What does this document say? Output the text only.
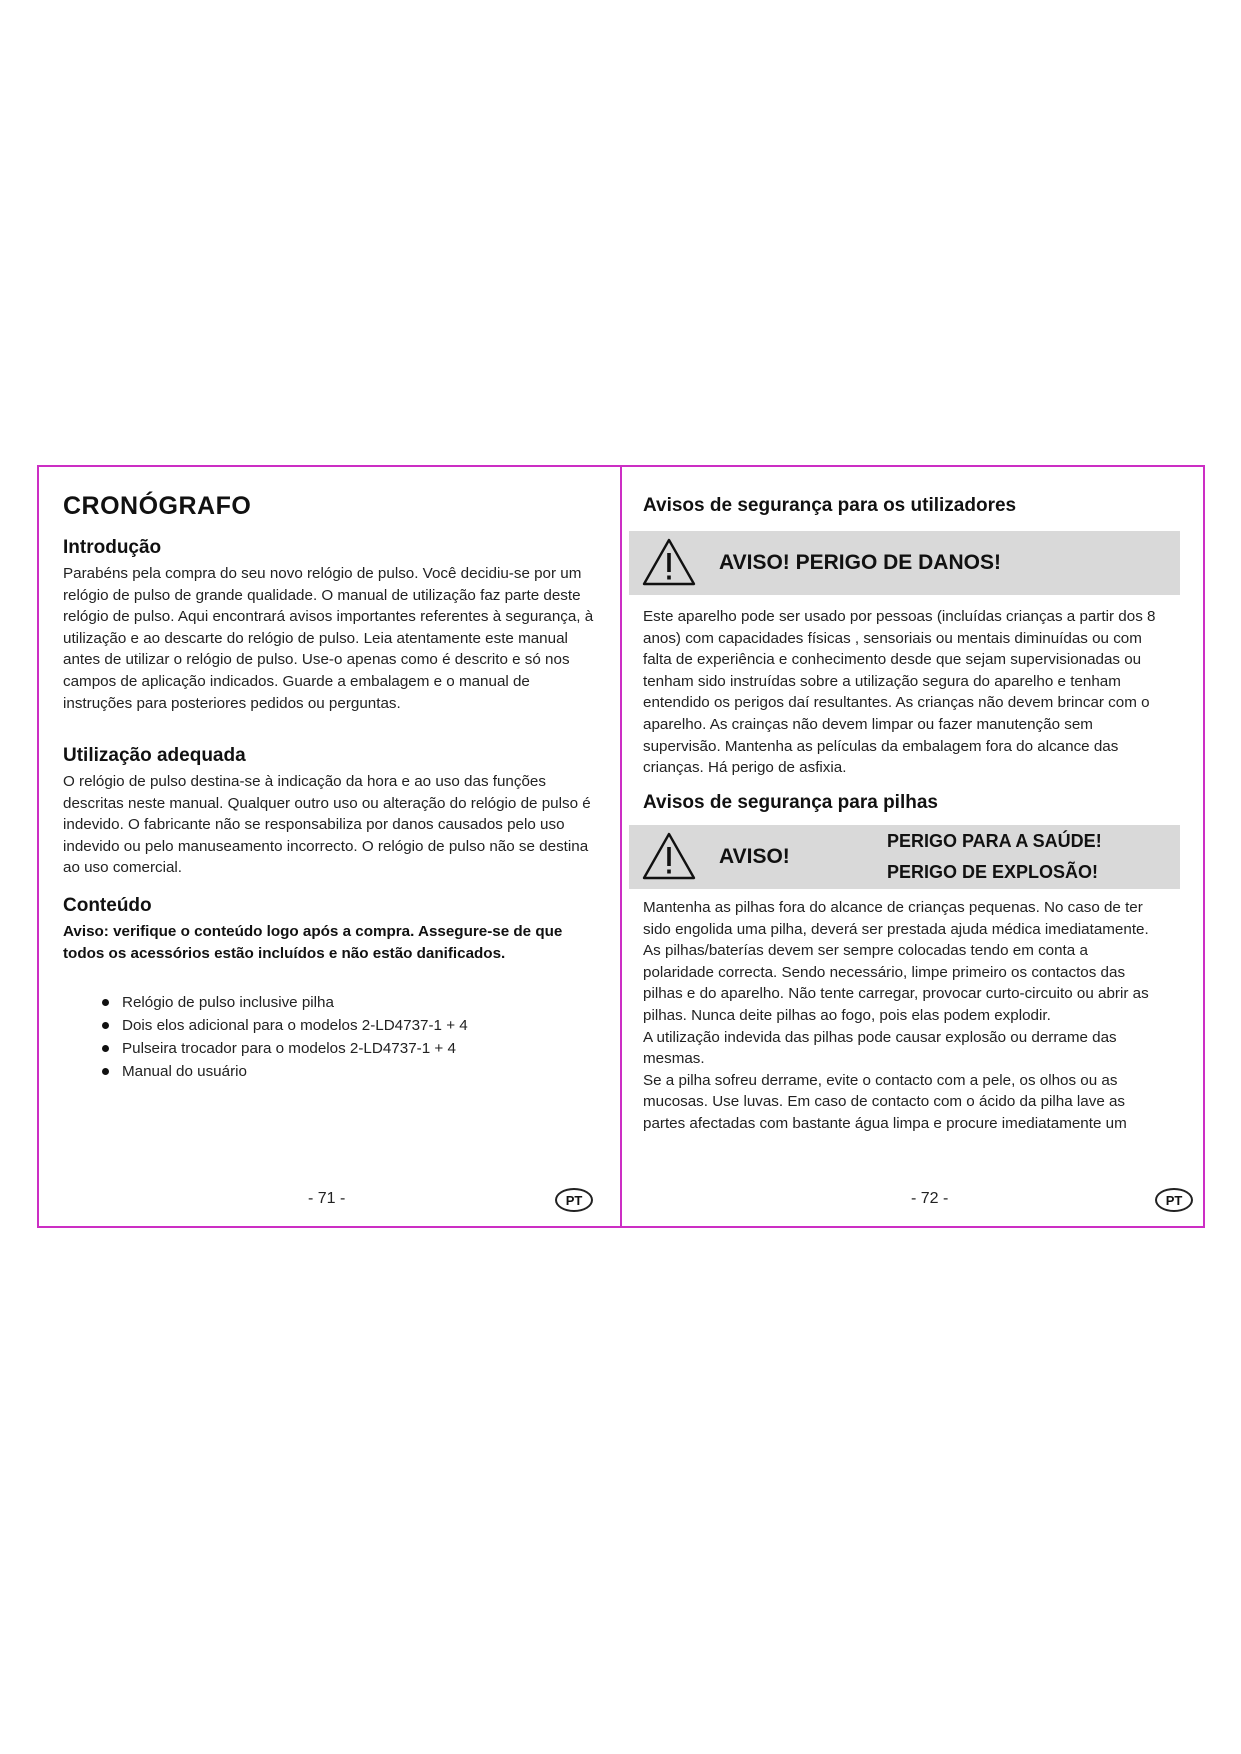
CRONÓGRAFO
Introdução

Parabéns pela compra do seu novo relógio de pulso. Você decidiu-se por um relógio de pulso de grande qualidade. O manual de utilização faz parte deste relógio de pulso. Aqui encontrará avisos importantes referentes à segurança, à utilização e ao descarte do relógio de pulso. Leia atentamente este manual antes de utilizar o relógio de pulso. Use-o apenas como é descrito e só nos campos de aplicação indicados. Guarde a embalagem e o manual de instruções para posteriores pedidos ou perguntas.

Utilização adequada

O relógio de pulso destina-se à indicação da hora e ao uso das funções descritas neste manual. Qualquer outro uso ou alteração do relógio de pulso é indevido. O fabricante não se responsabiliza por danos causados pelo uso indevido ou pelo manuseamento incorrecto. O relógio de pulso não se destina ao uso comercial.

Conteúdo

Aviso: verifique o conteúdo logo após a compra. Assegure-se de que todos os acessórios estão incluídos e não estão danificados.

Relógio de pulso inclusive pilha
Dois elos adicional para o modelos 2-LD4737-1 + 4
Pulseira trocador para o modelos 2-LD4737-1 + 4
Manual do usuário
- 71 -	PT
Avisos de segurança para os utilizadores
AVISO! PERIGO DE DANOS!

Este aparelho pode ser usado por pessoas (incluídas crianças a partir dos 8 anos) com capacidades físicas , sensoriais ou mentais diminuídas ou com falta de experiência e conhecimento desde que sejam supervisionadas ou tenham sido instruídas sobre a utilização segura do aparelho e tenham entendido os perigos daí resultantes. As crianças não devem brincar com o aparelho. As crainças não devem limpar ou fazer manutenção sem supervisão. Mantenha as películas da embalagem fora do alcance das crianças. Há perigo de asfixia.

Avisos de segurança para pilhas
AVISO!
PERIGO PARA A SAÚDE!
PERIGO DE EXPLOSÃO!

Mantenha as pilhas fora do alcance de crianças pequenas. No caso de ter sido engolida uma pilha, deverá ser prestada ajuda médica imediatamente.

As pilhas/baterías devem ser sempre colocadas tendo em conta a polaridade correcta. Sendo necessário, limpe primeiro os contactos das pilhas e do aparelho. Não tente carregar, provocar curto-circuito ou abrir as pilhas. Nunca deite pilhas ao fogo, pois elas podem explodir.

A utilização indevida das pilhas pode causar explosão ou derrame das mesmas.

Se a pilha sofreu derrame, evite o contacto com a pele, os olhos ou as mucosas. Use luvas. Em caso de contacto com o ácido da pilha lave as partes afectadas com bastante água limpa e procure imediatamente um

- 72 -	PT
